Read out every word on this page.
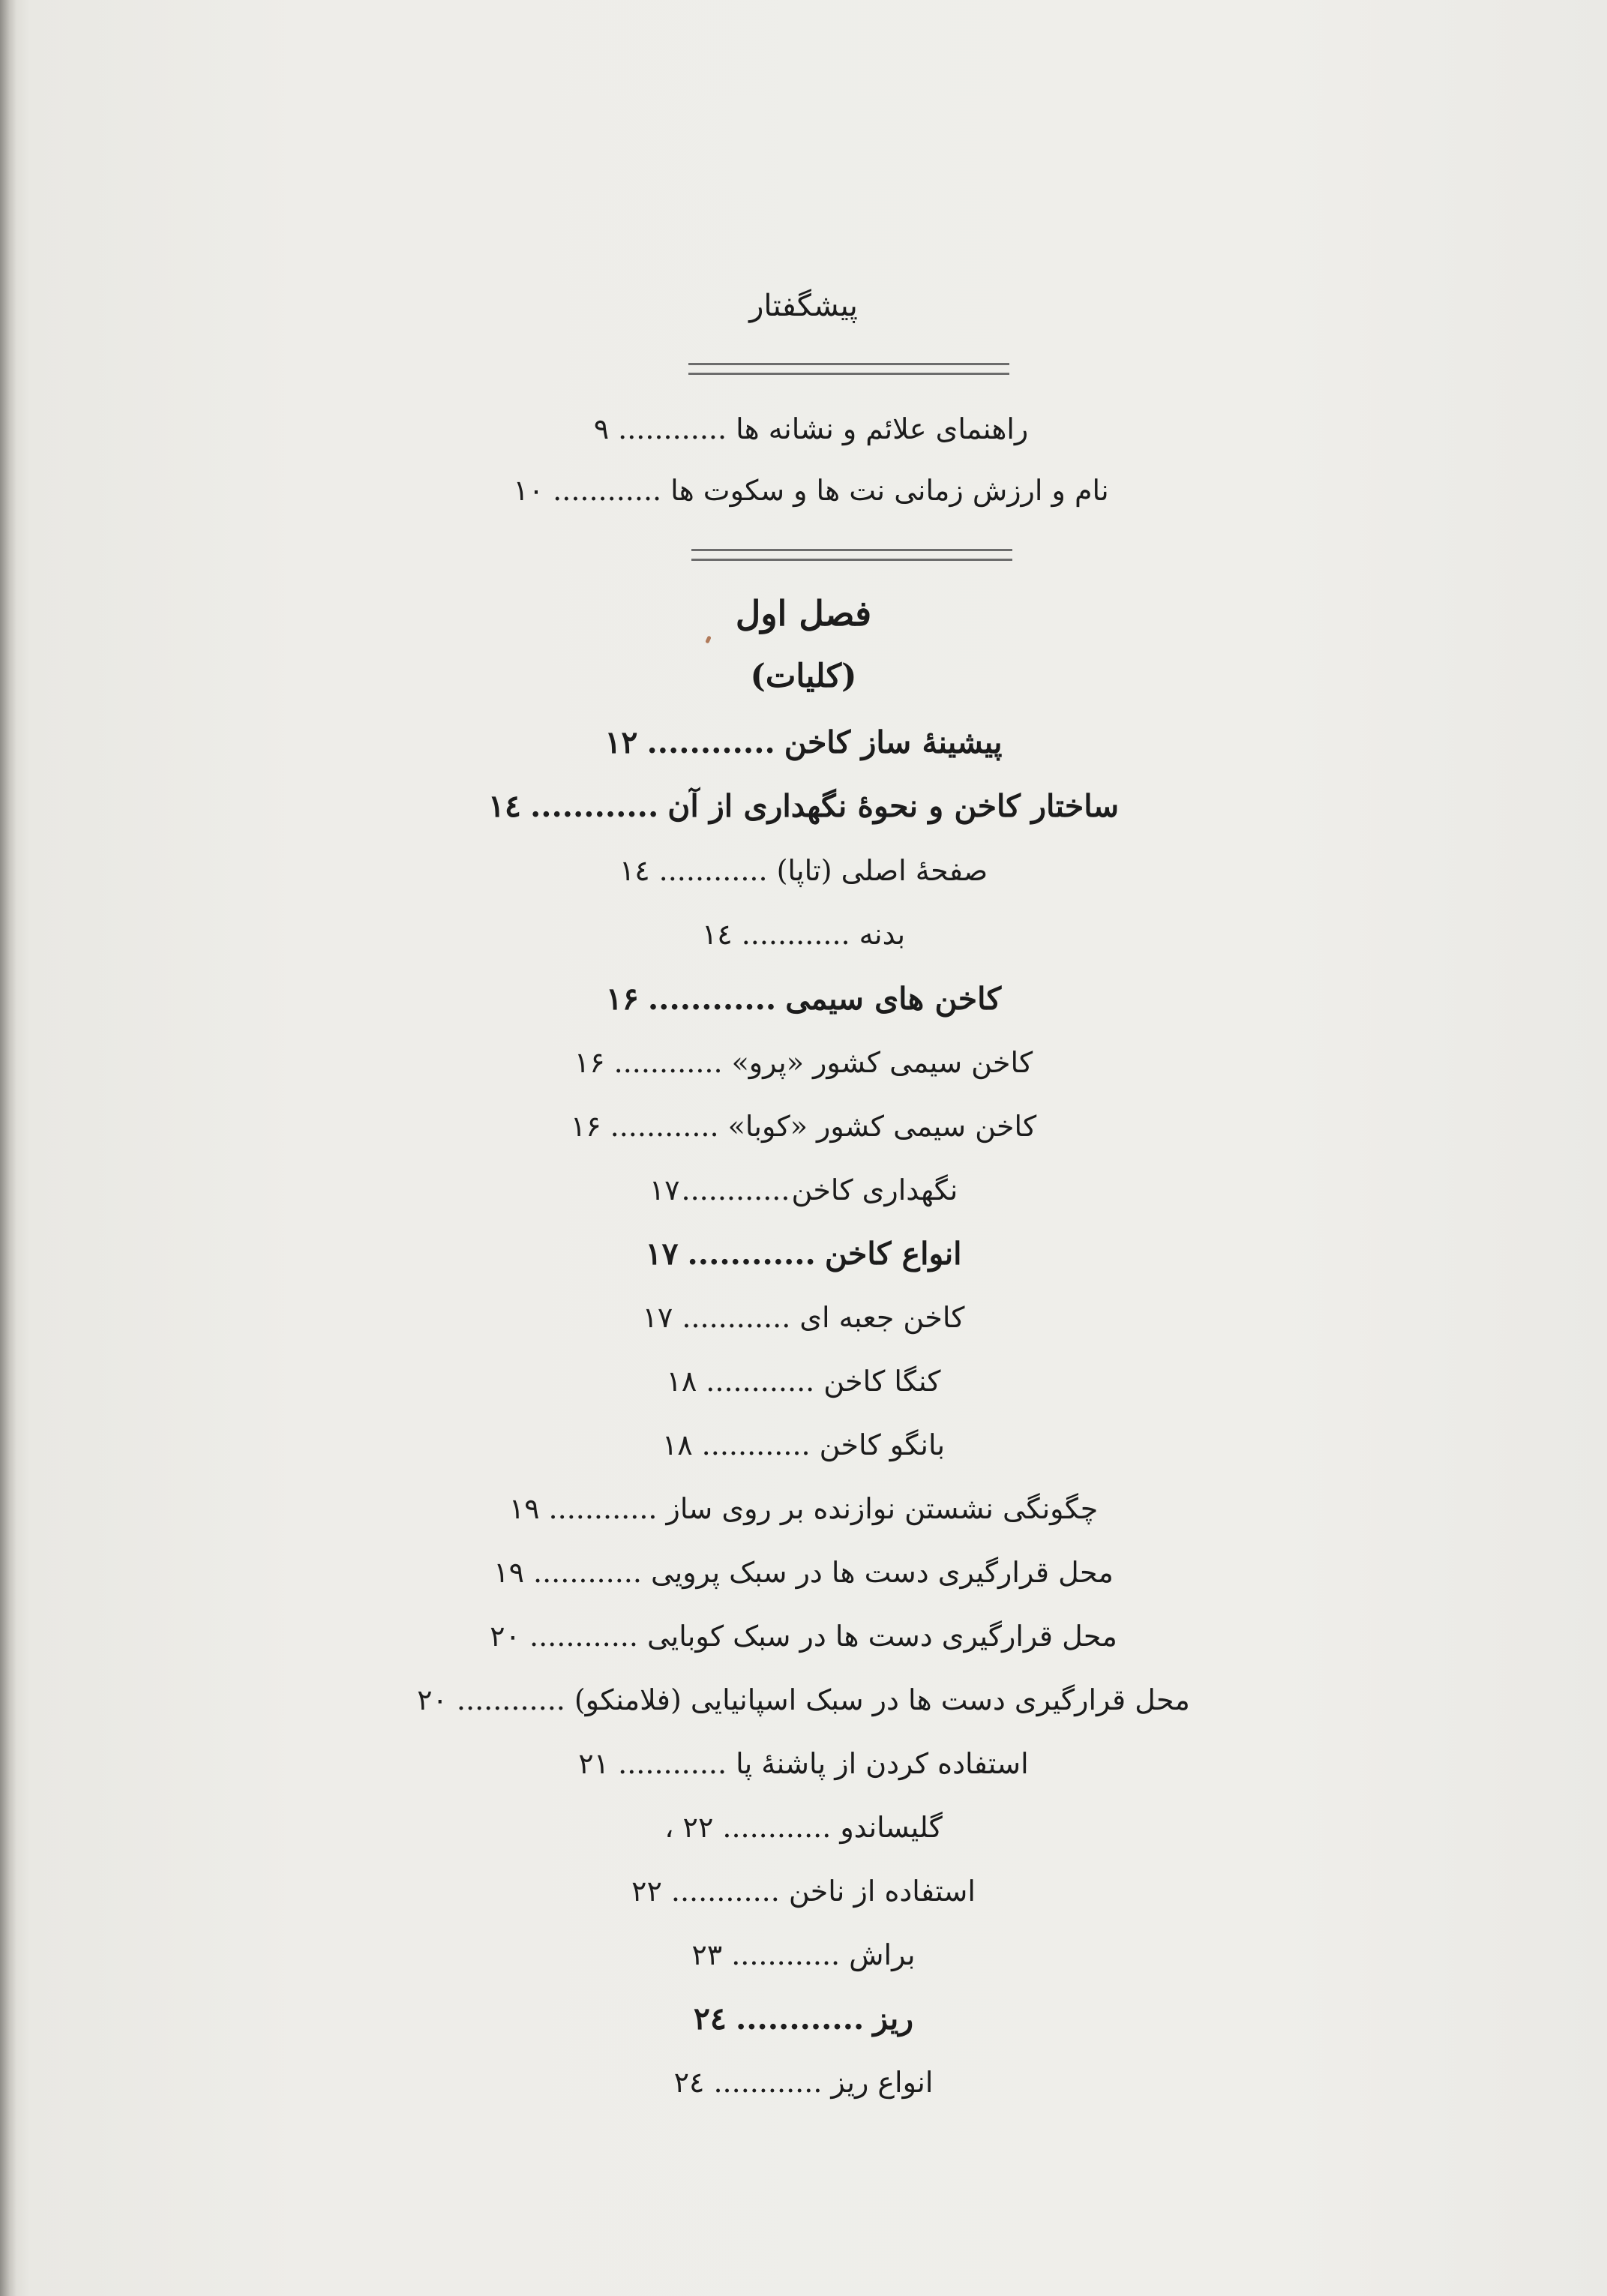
پیشگفتار
راهنمای علائم و نشانه ها............۹
نام و ارزش زمانی نت ها و سکوت ها............۱۰
فصل اول
(کلیات)
پیشینهٔ ساز کاخن............۱۲
ساختار کاخن و نحوهٔ نگهداری از آن............۱٤
صفحهٔ اصلی (تاپا)............۱٤
بدنه............۱٤
کاخن های سیمی............۱۶
کاخن سیمی کشور «پرو»............۱۶
کاخن سیمی کشور «کوبا»............۱۶
نگهداری کاخن............۱۷
انواع کاخن............۱۷
کاخن جعبه ای............۱۷
کنگا کاخن............۱۸
بانگو کاخن............۱۸
چگونگی نشستن نوازنده بر روی ساز............۱۹
محل قرارگیری دست ها در سبک پرویی............۱۹
محل قرارگیری دست ها در سبک کوبایی............۲۰
محل قرارگیری دست ها در سبک اسپانیایی (فلامنکو)............۲۰
استفاده کردن از پاشنهٔ پا............۲۱
گلیساندو............۲۲ ،
استفاده از ناخن............۲۲
براش............۲۳
ریز............۲٤
انواع ریز............۲٤
